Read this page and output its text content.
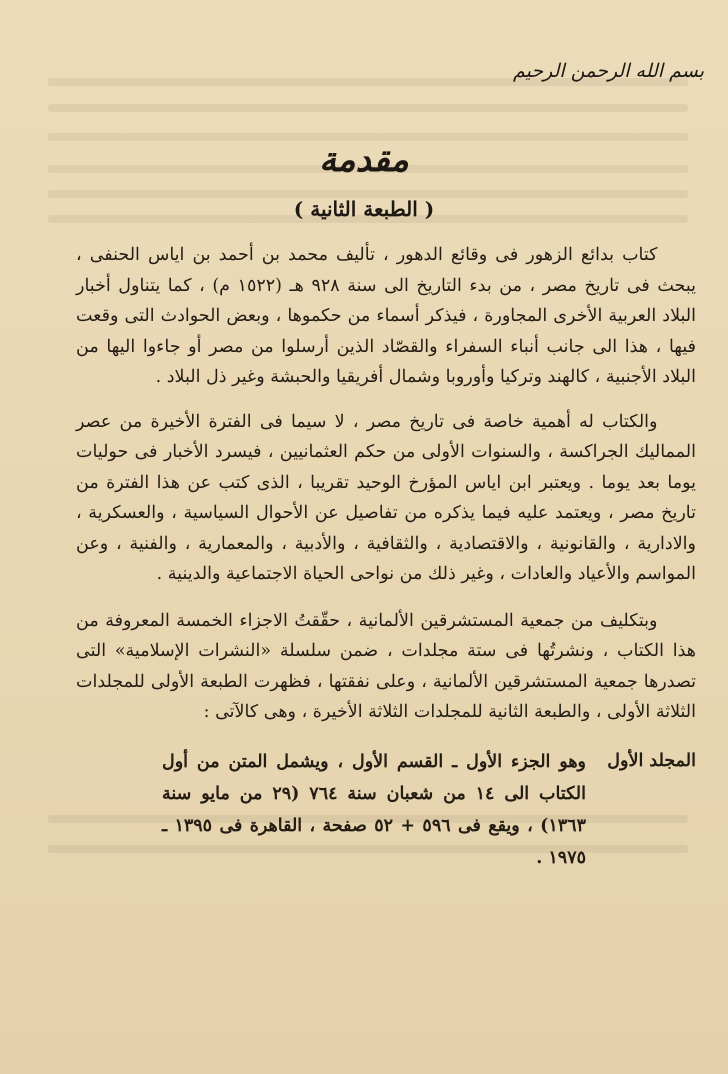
بسم الله الرحمن الرحيم
مقدمة
( الطبعة الثانية )

كتاب بدائع الزهور فى وقائع الدهور ، تأليف محمد بن أحمد بن اياس الحنفى ، يبحث فى تاريخ مصر ، من بدء التاريخ الى سنة ٩٢٨ هـ (١٥٢٢ م) ، كما يتناول أخبار البلاد العربية الأخرى المجاورة ، فيذكر أسماء من حكموها ، وبعض الحوادث التى وقعت فيها ، هذا الى جانب أنباء السفراء والقصّاد الذين أرسلوا من مصر أو جاءوا اليها من البلاد الأجنبية ، كالهند وتركيا وأوروبا وشمال أفريقيا والحبشة وغير ذل البلاد .

والكتاب له أهمية خاصة فى تاريخ مصر ، لا سيما فى الفترة الأخيرة من عصر المماليك الجراكسة ، والسنوات الأولى من حكم العثمانيين ، فيسرد الأخبار فى حوليات يوما بعد يوما . ويعتبر ابن اياس المؤرخ الوحيد تقريبا ، الذى كتب عن هذا الفترة من تاريخ مصر ، ويعتمد عليه فيما يذكره من تفاصيل عن الأحوال السياسية ، والعسكرية ، والادارية ، والقانونية ، والاقتصادية ، والثقافية ، والأدبية ، والمعمارية ، والفنية ، وعن المواسم والأعياد والعادات ، وغير ذلك من نواحى الحياة الاجتماعية والدينية .

وبتكليف من جمعية المستشرقين الألمانية ، حقّقتُ الاجزاء الخمسة المعروفة من هذا الكتاب ، ونشرتُها فى ستة مجلدات ، ضمن سلسلة «النشرات الإسلامية» التى تصدرها جمعية المستشرقين الألمانية ، وعلى نفقتها ، فظهرت الطبعة الأولى للمجلدات الثلاثة الأولى ، والطبعة الثانية للمجلدات الثلاثة الأخيرة ، وهى كالآتى :

المجلد الأول
وهو الجزء الأول ـ القسم الأول ، ويشمل المتن من أول الكتاب الى ١٤ من شعبان سنة ٧٦٤ (٢٩ من مايو سنة ١٣٦٣) ، ويقع فى ٥٩٦ + ٥٢ صفحة ، القاهرة فى ١٣٩٥ ـ ١٩٧٥ .
